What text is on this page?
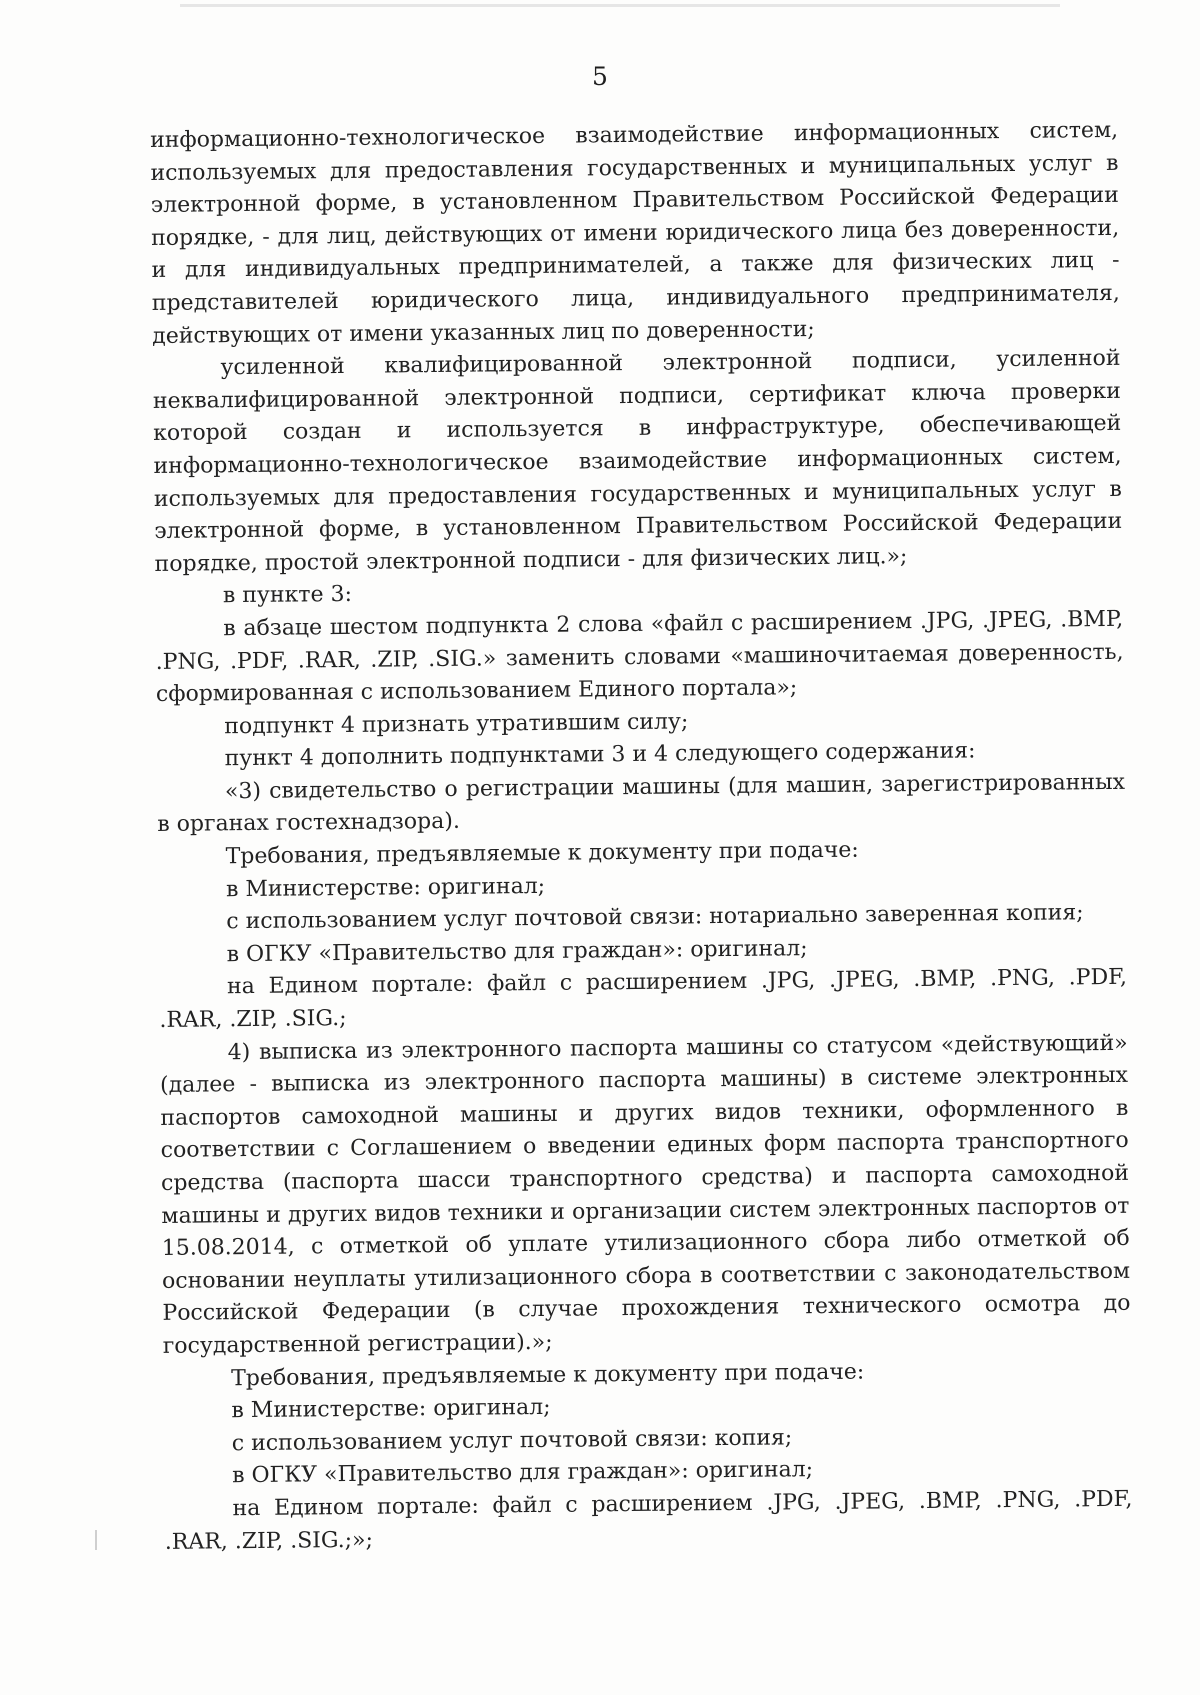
5

информационно-технологическое взаимодействие информационных систем, используемых для предоставления государственных и муниципальных услуг в электронной форме, в установленном Правительством Российской Федерации порядке, - для лиц, действующих от имени юридического лица без доверенности, и для индивидуальных предпринимателей, а также для физических лиц - представителей юридического лица, индивидуального предпринимателя, действующих от имени указанных лиц по доверенности;

усиленной квалифицированной электронной подписи, усиленной неквалифицированной электронной подписи, сертификат ключа проверки которой создан и используется в инфраструктуре, обеспечивающей информационно-технологическое взаимодействие информационных систем, используемых для предоставления государственных и муниципальных услуг в электронной форме, в установленном Правительством Российской Федерации порядке, простой электронной подписи - для физических лиц.»;

в пункте 3:

в абзаце шестом подпункта 2 слова «файл с расширением .JPG, .JPEG, .BMP, .PNG, .PDF, .RAR, .ZIP, .SIG.» заменить словами «машиночитаемая доверенность, сформированная с использованием Единого портала»;

подпункт 4 признать утратившим силу;

пункт 4 дополнить подпунктами 3 и 4 следующего содержания:

«3) свидетельство о регистрации машины (для машин, зарегистрированных в органах гостехнадзора).

Требования, предъявляемые к документу при подаче:

в Министерстве: оригинал;

с использованием услуг почтовой связи: нотариально заверенная копия;

в ОГКУ «Правительство для граждан»: оригинал;

на Едином портале: файл с расширением .JPG, .JPEG, .BMP, .PNG, .PDF, .RAR, .ZIP, .SIG.;

4) выписка из электронного паспорта машины со статусом «действующий» (далее - выписка из электронного паспорта машины) в системе электронных паспортов самоходной машины и других видов техники, оформленного в соответствии с Соглашением о введении единых форм паспорта транспортного средства (паспорта шасси транспортного средства) и паспорта самоходной машины и других видов техники и организации систем электронных паспортов от 15.08.2014, с отметкой об уплате утилизационного сбора либо отметкой об основании неуплаты утилизационного сбора в соответствии с законодательством Российской Федерации (в случае прохождения технического осмотра до государственной регистрации).»;

Требования, предъявляемые к документу при подаче:

в Министерстве: оригинал;

с использованием услуг почтовой связи: копия;

в ОГКУ «Правительство для граждан»: оригинал;

на Едином портале: файл с расширением .JPG, .JPEG, .BMP, .PNG, .PDF, .RAR, .ZIP, .SIG.;»;
